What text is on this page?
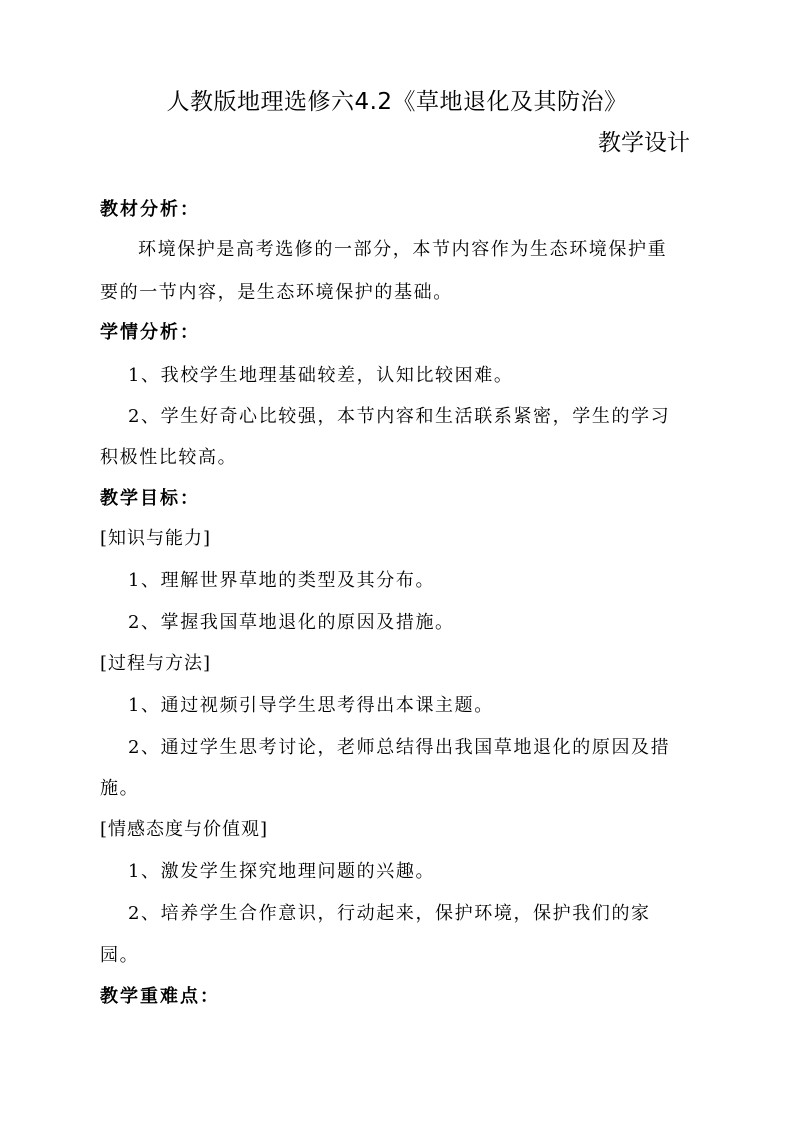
人教版地理选修六4.2《草地退化及其防治》
教学设计
教材分析：
环境保护是高考选修的一部分，本节内容作为生态环境保护重
要的一节内容，是生态环境保护的基础。
学情分析：
1、我校学生地理基础较差，认知比较困难。
2、学生好奇心比较强，本节内容和生活联系紧密，学生的学习
积极性比较高。
教学目标：
[知识与能力]
1、理解世界草地的类型及其分布。
2、掌握我国草地退化的原因及措施。
[过程与方法]
1、通过视频引导学生思考得出本课主题。
2、通过学生思考讨论，老师总结得出我国草地退化的原因及措
施。
[情感态度与价值观]
1、激发学生探究地理问题的兴趣。
2、培养学生合作意识，行动起来，保护环境，保护我们的家
园。
教学重难点：
